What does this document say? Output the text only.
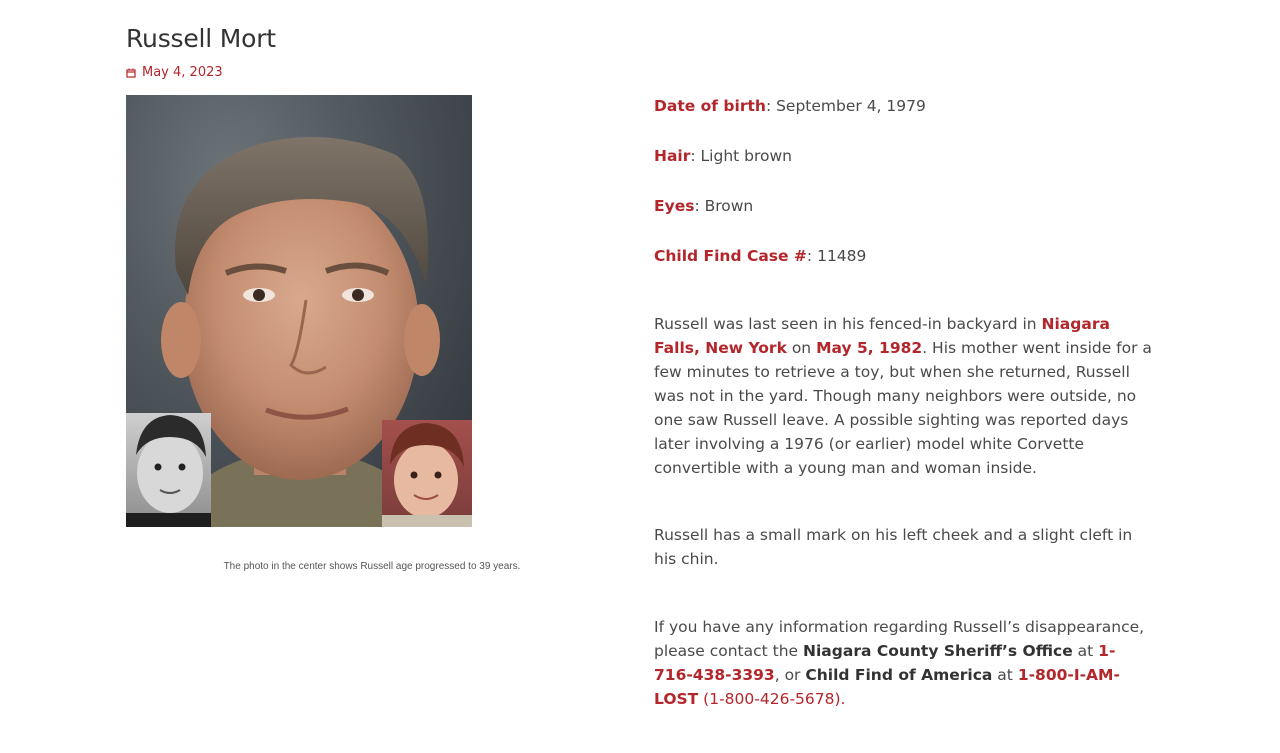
Russell Mort
May 4, 2023
The photo in the center shows Russell age progressed to 39 years.

Date of birth: September 4, 1979

Hair: Light brown

Eyes: Brown

Child Find Case #: 11489

Russell was last seen in his fenced-in backyard in Niagara Falls, New York on May 5, 1982. His mother went inside for a few minutes to retrieve a toy, but when she returned, Russell was not in the yard. Though many neighbors were outside, no one saw Russell leave. A possible sighting was reported days later involving a 1976 (or earlier) model white Corvette convertible with a young man and woman inside.

Russell has a small mark on his left cheek and a slight cleft in his chin.

If you have any information regarding Russell’s disappearance, please contact the Niagara County Sheriff’s Office at 1-716-438-3393, or Child Find of America at 1-800-I-AM-LOST (1-800-426-5678).
